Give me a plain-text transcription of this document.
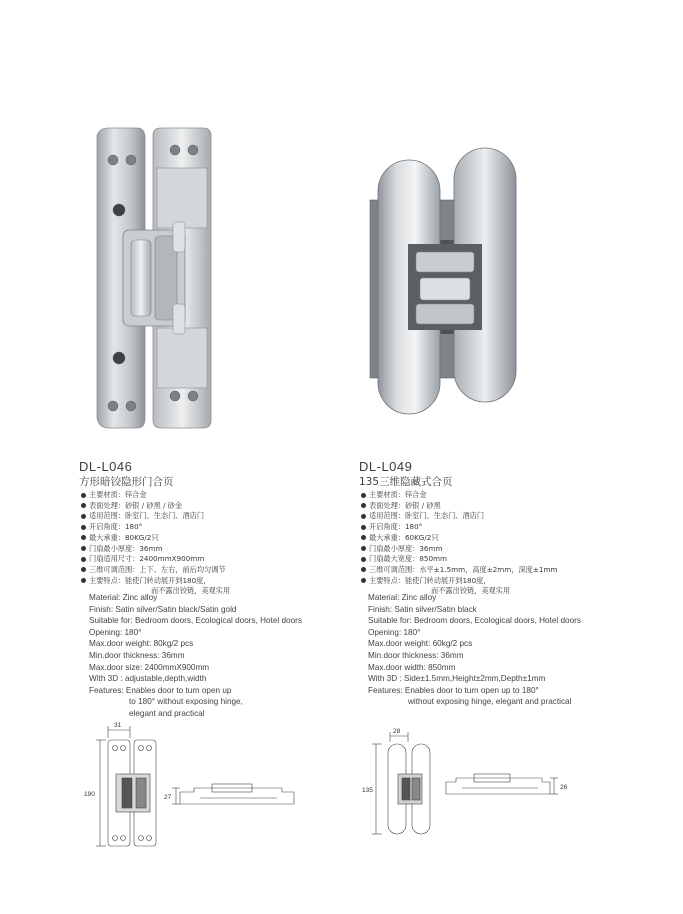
DL-L046
方形暗铰隐形门合页
主要材质：锌合金
表面处理：砂银 / 砂黑 / 砂金
适用范围：卧室门、生态门、酒店门
开启角度：180°
最大承重：80KG/2只
门扇最小厚度：36mm
门扇适用尺寸：2400mmX900mm
三维可调范围：上下、左右，前后均匀调节
主要特点：能使门转动展开到180度，
而不露出铰链，美观实用
Material: Zinc alloy
Finish: Satin silver/Satin black/Satin gold
Suitable for: Bedroom doors, Ecological doors, Hotel doors
Opening: 180°
Max.door weight: 80kg/2 pcs
Min.door thickness: 36mm
Max.door size: 2400mmX900mm
With 3D : adjustable,depth,width
Features: Enables door to turn open up
to 180° without exposing hinge,
elegant and practical
DL-L049
135三维隐藏式合页
主要材质：锌合金
表面处理：砂银 / 砂黑
适用范围：卧室门、生态门、酒店门
开启角度：180°
最大承重：60KG/2只
门扇最小厚度：36mm
门扇最大宽度：850mm
三维可调范围：水平±1.5mm，高度±2mm，深度±1mm
主要特点：能使门转动展开到180度，
而不露出铰链，美观实用
Material: Zinc alloy
Finish: Satin silver/Satin black
Suitable for: Bedroom doors, Ecological doors, Hotel doors
Opening: 180°
Max.door weight: 60kg/2 pcs
Min.door thickness: 36mm
Max.door width: 850mm
With 3D : Side±1.5mm,Height±2mm,Depth±1mm
Features: Enables door to turn open up to 180°
without exposing hinge, elegant and practical
31
190	27
28
135	26
